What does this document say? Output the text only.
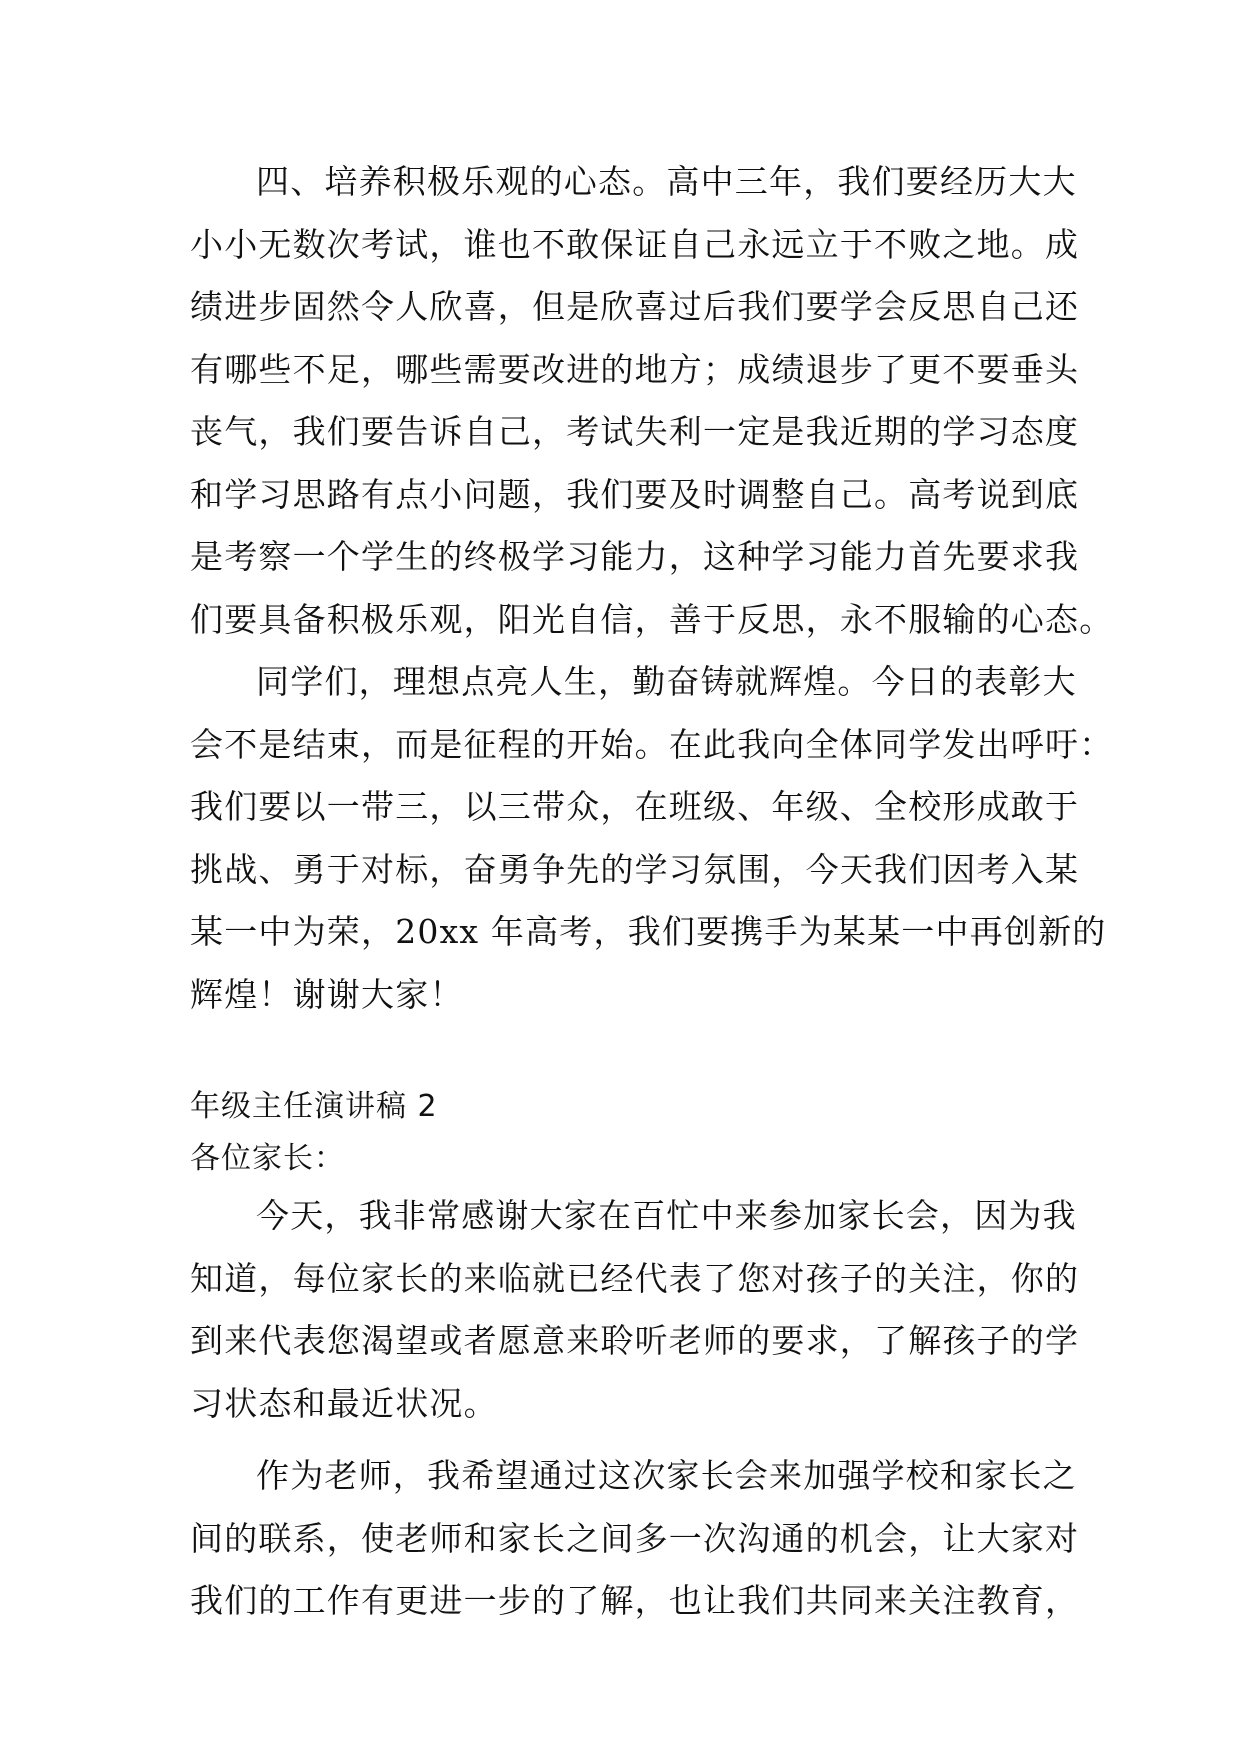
四、培养积极乐观的心态。高中三年，我们要经历大大
小小无数次考试，谁也不敢保证自己永远立于不败之地。成
绩进步固然令人欣喜，但是欣喜过后我们要学会反思自己还
有哪些不足，哪些需要改进的地方；成绩退步了更不要垂头
丧气，我们要告诉自己，考试失利一定是我近期的学习态度
和学习思路有点小问题，我们要及时调整自己。高考说到底
是考察一个学生的终极学习能力，这种学习能力首先要求我
们要具备积极乐观，阳光自信，善于反思，永不服输的心态。
同学们，理想点亮人生，勤奋铸就辉煌。今日的表彰大
会不是结束，而是征程的开始。在此我向全体同学发出呼吁：
我们要以一带三，以三带众，在班级、年级、全校形成敢于
挑战、勇于对标，奋勇争先的学习氛围，今天我们因考入某
某一中为荣，20xx 年高考，我们要携手为某某一中再创新的
辉煌！谢谢大家！
年级主任演讲稿 2
各位家长：
今天，我非常感谢大家在百忙中来参加家长会，因为我
知道，每位家长的来临就已经代表了您对孩子的关注，你的
到来代表您渴望或者愿意来聆听老师的要求，了解孩子的学
习状态和最近状况。
作为老师，我希望通过这次家长会来加强学校和家长之
间的联系，使老师和家长之间多一次沟通的机会，让大家对
我们的工作有更进一步的了解，也让我们共同来关注教育，
